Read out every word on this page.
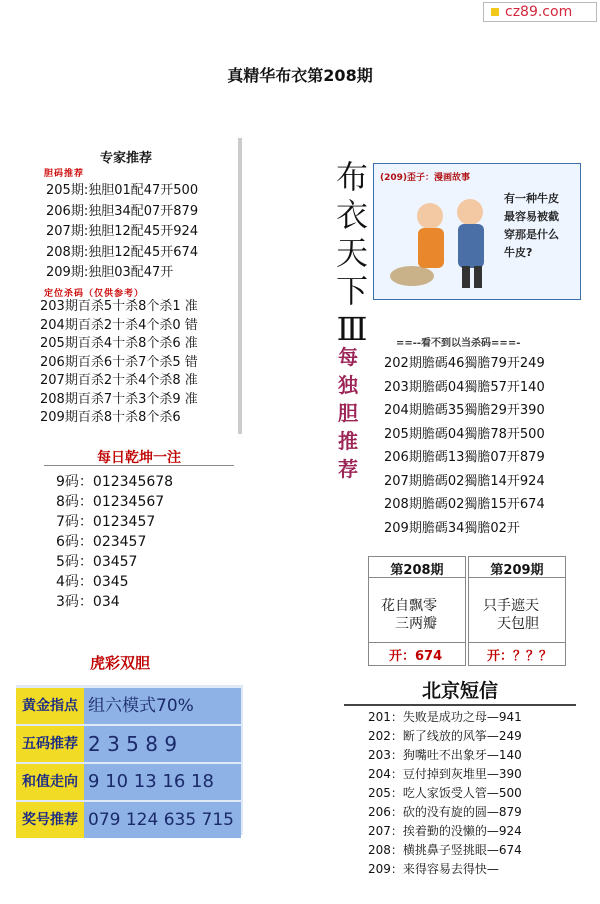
cz89.com
真精华布衣第208期
专家推荐
胆码推荐
205期:独胆01配47开500
206期:独胆34配07开879
207期:独胆12配45开924
208期:独胆12配45开674
209期:独胆03配47开
定位杀码（仅供参考）
203期百杀5十杀8个杀1 准
204期百杀2十杀4个杀0 错
205期百杀4十杀8个杀6 准
206期百杀6十杀7个杀5 错
207期百杀2十杀4个杀8 准
208期百杀7十杀3个杀9 准
209期百杀8十杀8个杀6
每日乾坤一注
9码：012345678
8码：01234567
7码：0123457
6码：023457
5码：03457
4码：0345
3码：034
虎彩双胆
黄金指点 组六模式70%
五码推荐 2 3 5 8 9
和值走向 9 10 13 16 18
奖号推荐 079 124 635 715
布
衣
天
下
Ⅲ
(209)歪子：漫画故事
有一种牛皮
最容易被截
穿那是什么
牛皮?
每
独
胆
推
荐
==--看不到以当杀码===-
202期膽碼46獨膽79开249
203期膽碼04獨膽57开140
204期膽碼35獨膽29开390
205期膽碼04獨膽78开500
206期膽碼13獨膽07开879
207期膽碼02獨膽14开924
208期膽碼02獨膽15开674
209期膽碼34獨膽02开
第208期
花自飘零
三两瓣
开：674
第209期
只手遮天
天包胆
开：？？？
北京短信
201：失败是成功之母—941
202：断了线放的风筝—249
203：狗嘴吐不出象牙—140
204：豆付掉到灰堆里—390
205：吃人家饭受人管—500
206：砍的没有旋的圆—879
207：挨着勤的没懒的—924
208：横挑鼻子竖挑眼—674
209：来得容易去得快—
